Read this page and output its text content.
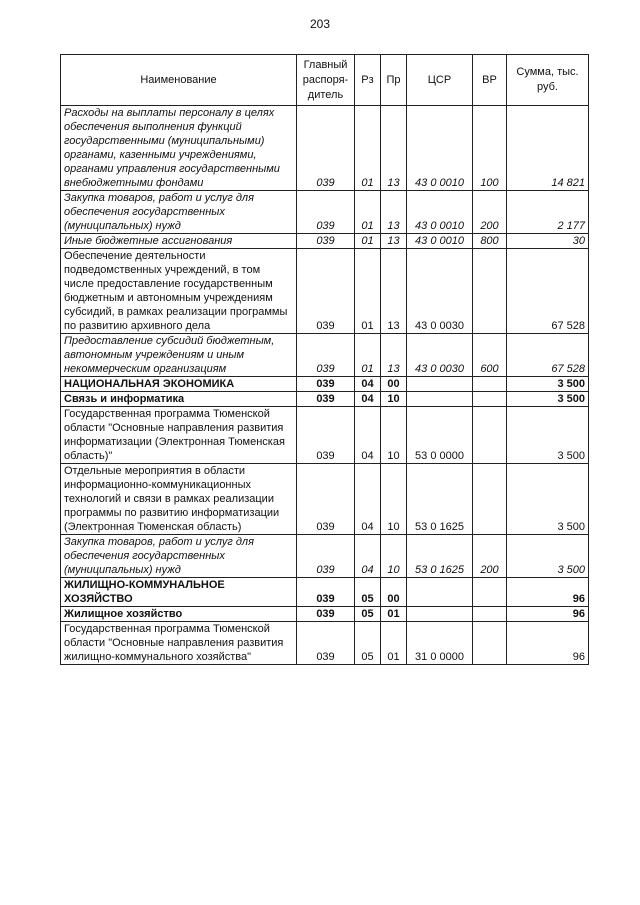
203
Наименование	Главный распоря-дитель	Рз	Пр	ЦСР	ВР	Сумма, тыс. руб.
Расходы на выплаты персоналу в целях обеспечения выполнения функций государственными (муниципальными) органами, казенными учреждениями, органами управления государственными внебюджетными фондами	039	01	13	43 0 0010	100	14 821
Закупка товаров, работ и услуг для обеспечения государственных (муниципальных) нужд	039	01	13	43 0 0010	200	2 177
Иные бюджетные ассигнования	039	01	13	43 0 0010	800	30
Обеспечение деятельности подведомственных учреждений, в том числе предоставление государственным бюджетным и автономным учреждениям субсидий, в рамках реализации программы по развитию архивного дела	039	01	13	43 0 0030		67 528
Предоставление субсидий бюджетным, автономным учреждениям и иным некоммерческим организациям	039	01	13	43 0 0030	600	67 528
НАЦИОНАЛЬНАЯ ЭКОНОМИКА	039	04	00			3 500
Связь и информатика	039	04	10			3 500
Государственная программа Тюменской области "Основные направления развития информатизации (Электронная Тюменская область)"	039	04	10	53 0 0000		3 500
Отдельные мероприятия в области информационно-коммуникационных технологий и связи в рамках реализации программы по развитию информатизации (Электронная Тюменская область)	039	04	10	53 0 1625		3 500
Закупка товаров, работ и услуг для обеспечения государственных (муниципальных) нужд	039	04	10	53 0 1625	200	3 500
ЖИЛИЩНО-КОММУНАЛЬНОЕ ХОЗЯЙСТВО	039	05	00			96
Жилищное хозяйство	039	05	01			96
Государственная программа Тюменской области "Основные направления развития жилищно-коммунального хозяйства"	039	05	01	31 0 0000		96
